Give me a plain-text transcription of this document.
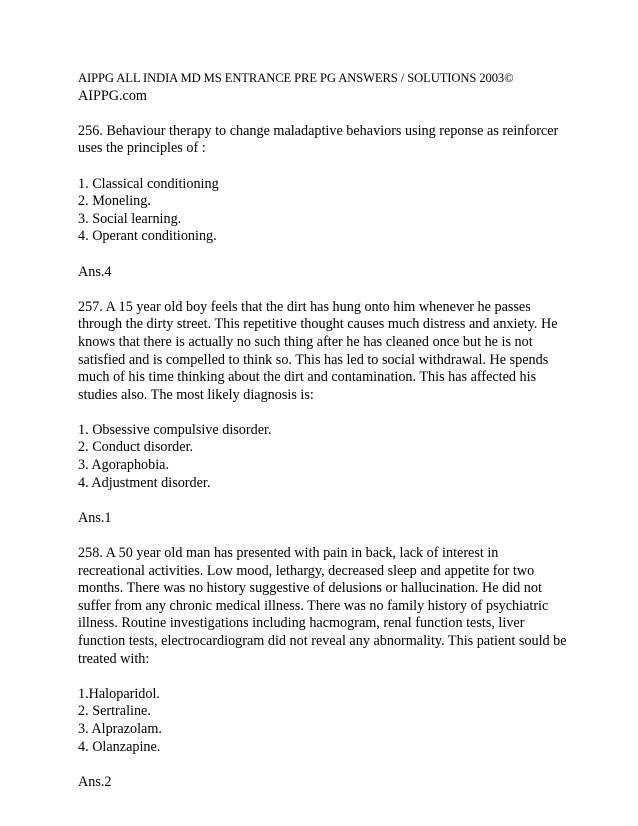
AIPPG ALL INDIA MD MS ENTRANCE PRE PG ANSWERS / SOLUTIONS 2003©
AIPPG.com

256. Behaviour therapy to change maladaptive behaviors using reponse as reinforcer uses the principles of :

1. Classical conditioning
2. Moneling.
3. Social learning.
4. Operant conditioning.

Ans.4

257. A 15 year old boy feels that the dirt has hung onto him whenever he passes through the dirty street. This repetitive thought causes much distress and anxiety. He knows that there is actually no such thing after he has cleaned once but he is not satisfied and is compelled to think so. This has led to social withdrawal. He spends much of his time thinking about the dirt and contamination. This has affected his studies also. The most likely diagnosis is:

1. Obsessive compulsive disorder.
2. Conduct disorder.
3. Agoraphobia.
4. Adjustment disorder.

Ans.1

258. A 50 year old man has presented with pain in back, lack of interest in recreational activities. Low mood, lethargy, decreased sleep and appetite for two months. There was no history suggestive of delusions or hallucination. He did not suffer from any chronic medical illness. There was no family history of psychiatric illness. Routine investigations including hacmogram, renal function tests, liver function tests, electrocardiogram did not reveal any abnormality. This patient sould be treated with:

1.Haloparidol.
2. Sertraline.
3. Alprazolam.
4. Olanzapine.

Ans.2
